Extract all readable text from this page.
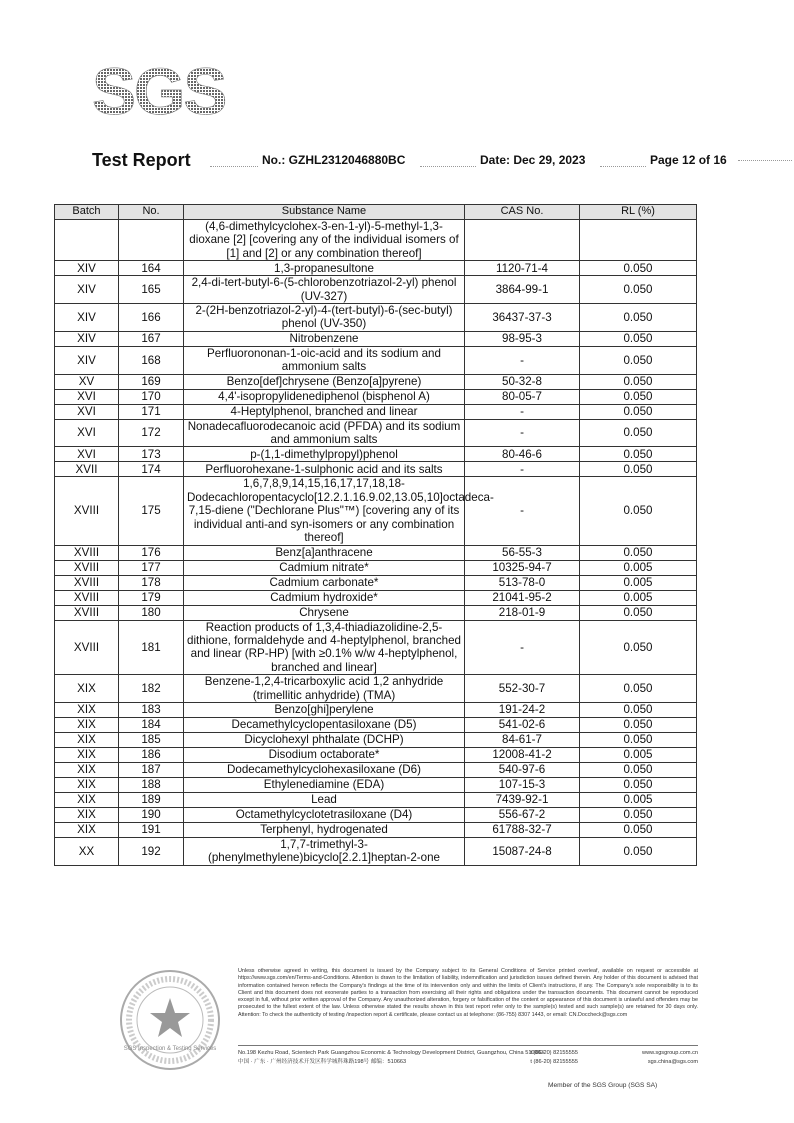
SGS
Test Report	No.: GZHL2312046880BC	Date: Dec 29, 2023	Page 12 of 16
Batch	No.	Substance Name	CAS No.	RL (%)
		(4,6-dimethylcyclohex-3-en-1-yl)-5-methyl-1,3-dioxane [2] [covering any of the individual isomers of [1] and [2] or any combination thereof]		
XIV	164	1,3-propanesultone	1120-71-4	0.050
XIV	165	2,4-di-tert-butyl-6-(5-chlorobenzotriazol-2-yl) phenol (UV-327)	3864-99-1	0.050
XIV	166	2-(2H-benzotriazol-2-yl)-4-(tert-butyl)-6-(sec-butyl) phenol (UV-350)	36437-37-3	0.050
XIV	167	Nitrobenzene	98-95-3	0.050
XIV	168	Perfluorononan-1-oic-acid and its sodium and ammonium salts	-	0.050
XV	169	Benzo[def]chrysene (Benzo[a]pyrene)	50-32-8	0.050
XVI	170	4,4'-isopropylidenediphenol (bisphenol A)	80-05-7	0.050
XVI	171	4-Heptylphenol, branched and linear	-	0.050
XVI	172	Nonadecafluorodecanoic acid (PFDA) and its sodium and ammonium salts	-	0.050
XVI	173	p-(1,1-dimethylpropyl)phenol	80-46-6	0.050
XVII	174	Perfluorohexane-1-sulphonic acid and its salts	-	0.050
XVIII	175	1,6,7,8,9,14,15,16,17,17,18,18-Dodecachloropentacyclo[12.2.1.16.9.02,13.05,10]octadeca-7,15-diene ("Dechlorane Plus"™) [covering any of its individual anti-and syn-isomers or any combination thereof]	-	0.050
XVIII	176	Benz[a]anthracene	56-55-3	0.050
XVIII	177	Cadmium nitrate*	10325-94-7	0.005
XVIII	178	Cadmium carbonate*	513-78-0	0.005
XVIII	179	Cadmium hydroxide*	21041-95-2	0.005
XVIII	180	Chrysene	218-01-9	0.050
XVIII	181	Reaction products of 1,3,4-thiadiazolidine-2,5-dithione, formaldehyde and 4-heptylphenol, branched and linear (RP-HP) [with ≥0.1% w/w 4-heptylphenol, branched and linear]	-	0.050
XIX	182	Benzene-1,2,4-tricarboxylic acid 1,2 anhydride (trimellitic anhydride) (TMA)	552-30-7	0.050
XIX	183	Benzo[ghi]perylene	191-24-2	0.050
XIX	184	Decamethylcyclopentasiloxane (D5)	541-02-6	0.050
XIX	185	Dicyclohexyl phthalate (DCHP)	84-61-7	0.050
XIX	186	Disodium octaborate*	12008-41-2	0.005
XIX	187	Dodecamethylcyclohexasiloxane (D6)	540-97-6	0.050
XIX	188	Ethylenediamine (EDA)	107-15-3	0.050
XIX	189	Lead	7439-92-1	0.005
XIX	190	Octamethylcyclotetrasiloxane (D4)	556-67-2	0.050
XIX	191	Terphenyl, hydrogenated	61788-32-7	0.050
XX	192	1,7,7-trimethyl-3-(phenylmethylene)bicyclo[2.2.1]heptan-2-one	15087-24-8	0.050
SGS Inspection & Testing Services
Unless otherwise agreed in writing, this document is issued by the Company subject to its General Conditions of Service printed overleaf, available on request or accessible at https://www.sgs.com/en/Terms-and-Conditions. Attention is drawn to the limitation of liability, indemnification and jurisdiction issues defined therein. Any holder of this document is advised that information contained hereon reflects the Company's findings at the time of its intervention only and within the limits of Client's instructions, if any. The Company's sole responsibility is to its Client and this document does not exonerate parties to a transaction from exercising all their rights and obligations under the transaction documents. This document cannot be reproduced except in full, without prior written approval of the Company. Any unauthorized alteration, forgery or falsification of the content or appearance of this document is unlawful and offenders may be prosecuted to the fullest extent of the law. Unless otherwise stated the results shown in this test report refer only to the sample(s) tested and such sample(s) are retained for 30 days only. Attention: To check the authenticity of testing /inspection report & certificate, please contact us at telephone: (86-755) 8307 1443, or email: CN.Doccheck@sgs.com
No.198 Kezhu Road, Scientech Park Guangzhou Economic & Technology Development District, Guangzhou, China 510663
t (86-20) 82155555	www.sgsgroup.com.cn
中国 · 广东 · 广州经济技术开发区科学城科珠路198号 邮编：510663	t (86-20) 82155555	sgs.china@sgs.com
Member of the SGS Group (SGS SA)
